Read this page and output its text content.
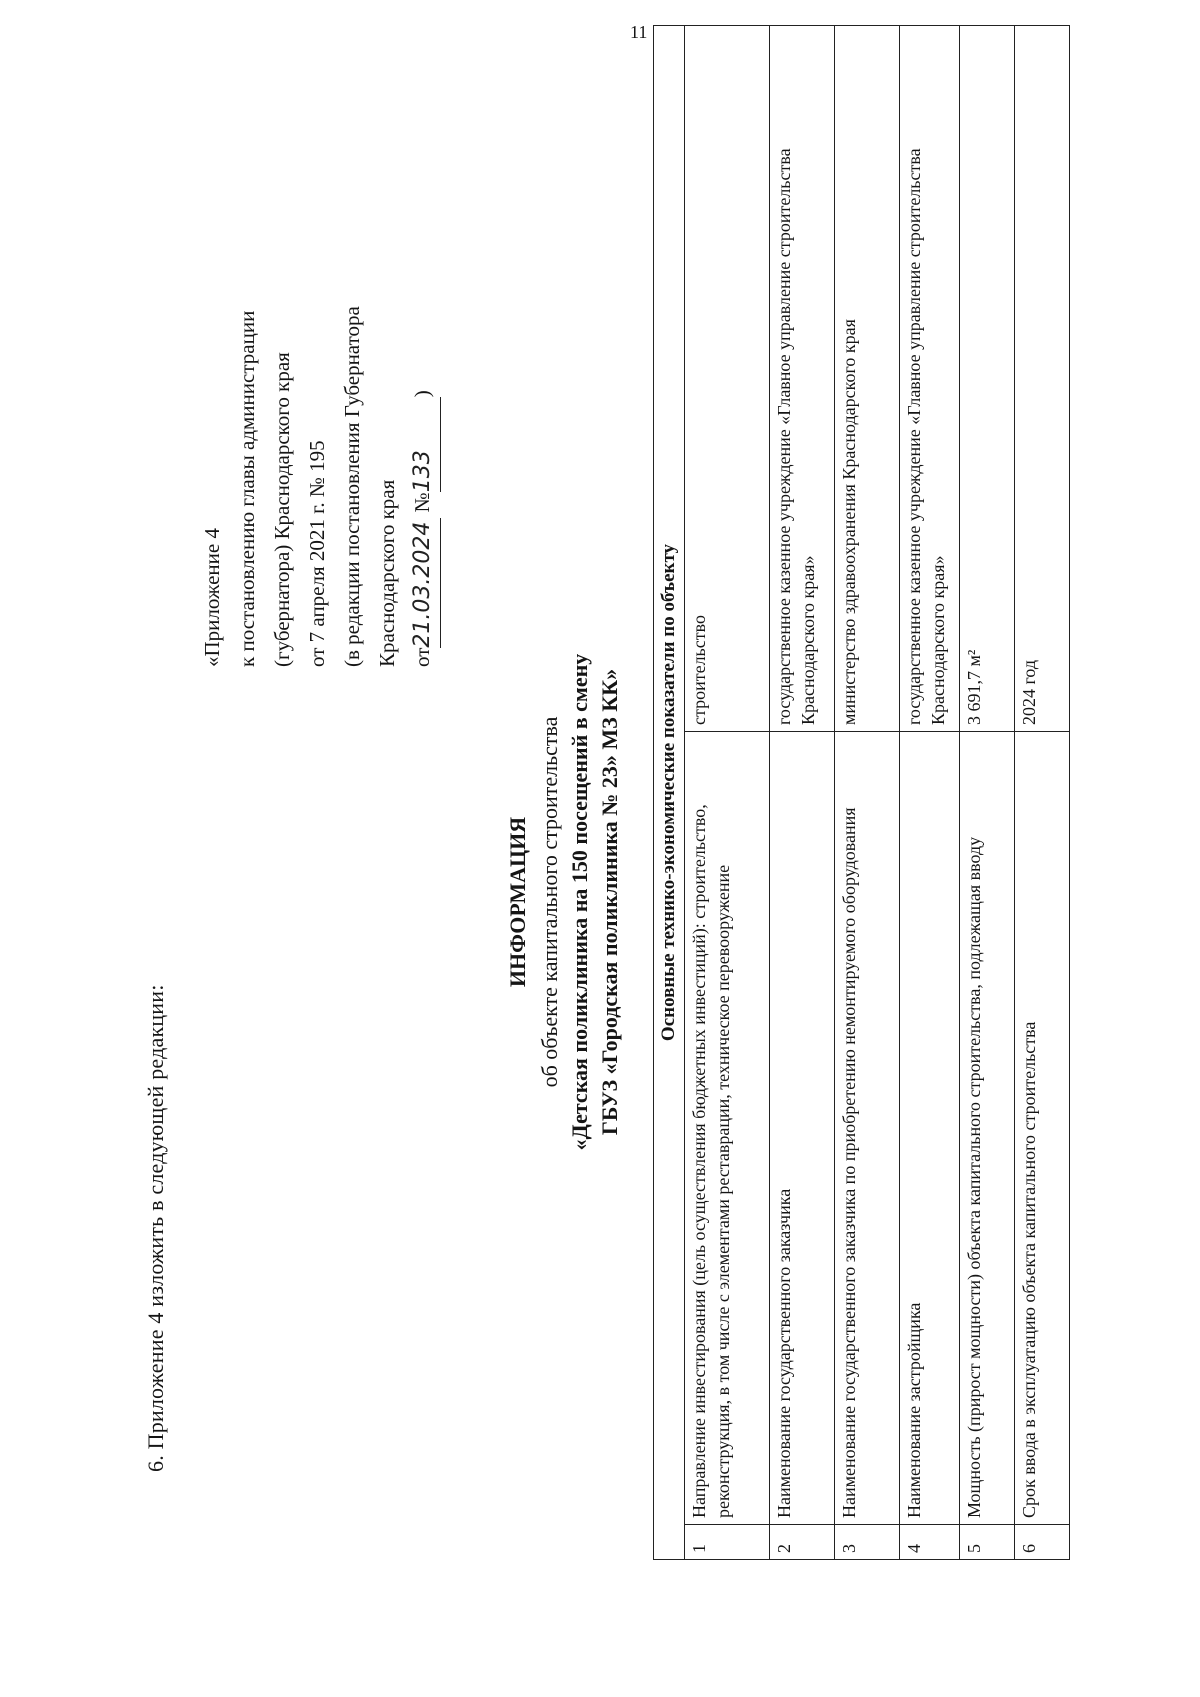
11
6. Приложение 4 изложить в следующей редакции:
«Приложение 4 к постановлению главы администрации (губернатора) Краснодарского края от 7 апреля 2021 г. № 195 (в редакции постановления Губернатора Краснодарского края от21.03.2024 №133)
ИНФОРМАЦИЯ об объекте капитального строительства «Детская поликлиника на 150 посещений в смену ГБУЗ «Городская поликлиника № 23» МЗ КК» Основные технико-экономические показатели по объекту		
1	Направление инвестирования (цель осуществления бюджетных инвестиций): строительство, реконструкция, в том числе с элементами реставрации, техническое перевооружение	строительство
2	Наименование государственного заказчика	государственное казенное учреждение «Главное управление строительства Краснодарского края»
3	Наименование государственного заказчика по приобретению немонтируемого оборудования	министерство здравоохранения Краснодарского края
4	Наименование застройщика	государственное казенное учреждение «Главное управление строительства Краснодарского края»
5	Мощность (прирост мощности) объекта капитального строительства, подлежащая вводу	3 691,7 м²
6	Срок ввода в эксплуатацию объекта капитального строительства	2024 год
